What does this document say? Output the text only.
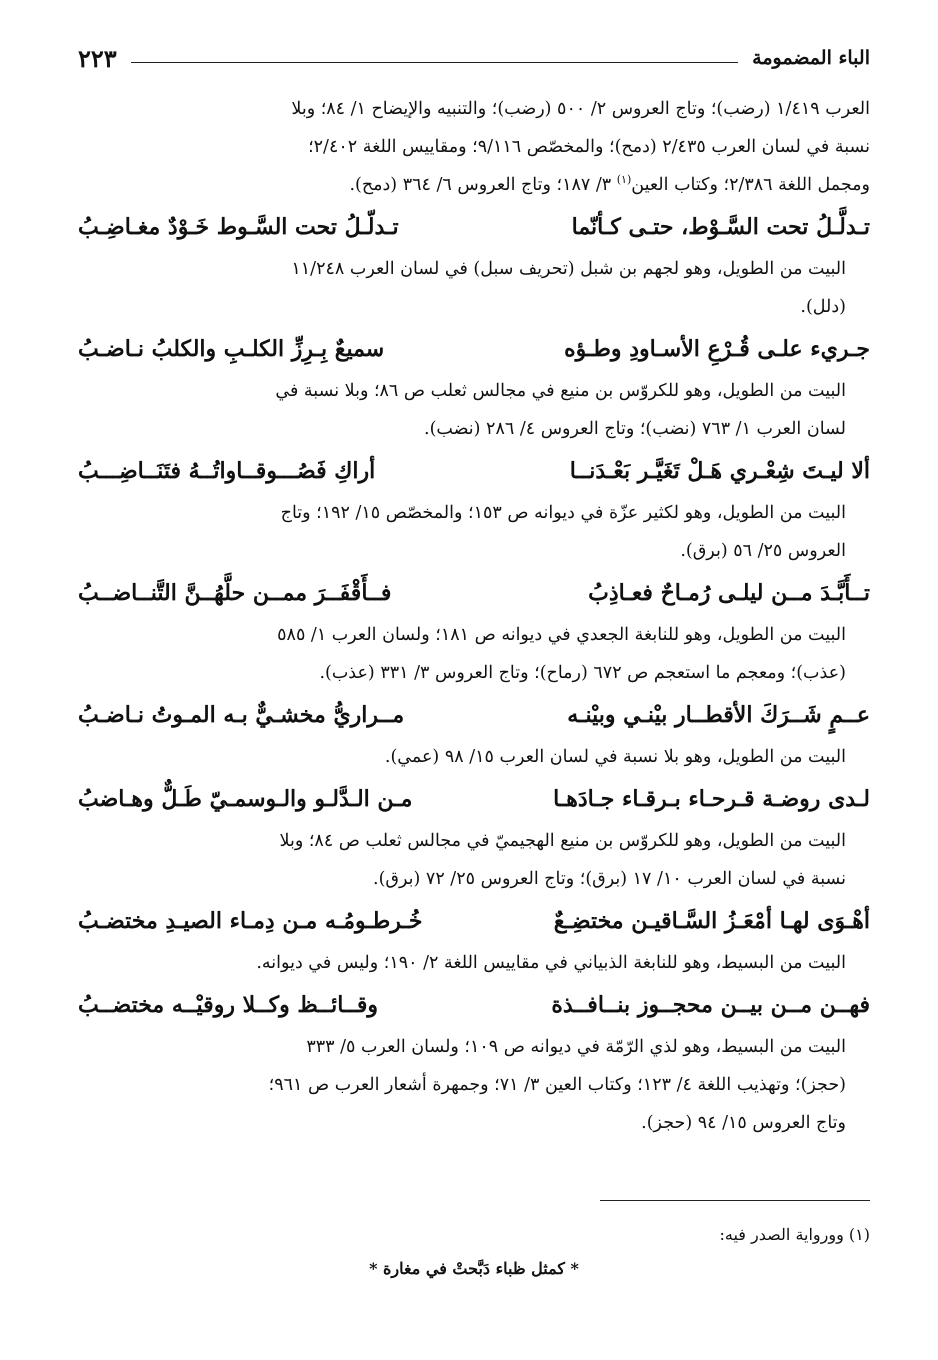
الباء المضمومة
٢٢٣
العرب ١/٤١٩ (رضب)؛ وتاج العروس ٢/ ٥٠٠ (رضب)؛ والتنبيه والإيضاح ١/ ٨٤؛ وبلا
نسبة في لسان العرب ٢/٤٣٥ (دمح)؛ والمخصّص ٩/١١٦؛ ومقاييس اللغة ٢/٤٠٢؛
ومجمل اللغة ٢/٣٨٦؛ وكتاب العين$^{(١)}$ ٣/ ١٨٧؛ وتاج العروس ٦/ ٣٦٤ (دمح).
تـدلَّـلُ تحت السَّـوْط، حتـى كـأنّما
تـدلّـلُ تحت السَّـوط خَـوْدٌ مغـاضِـبُ
البيت من الطويل، وهو لجهم بن شبل (تحريف سبل) في لسان العرب ١١/٢٤٨
(دلل).
جـريء علـى قُـرْعِ الأسـاودِ وطـؤه
سميعٌ بِـرِزِّ الكلـبِ والكلبُ نـاضـبُ
البيت من الطويل، وهو للكروّس بن منيع في مجالس ثعلب ص ٨٦؛ وبلا نسبة في
لسان العرب ١/ ٧٦٣ (نضب)؛ وتاج العروس ٤/ ٢٨٦ (نضب).
ألا ليـتَ شِعْـري هَـلْ تَغَيَّـر بَعْـدَنــا
أراكِ فَصُـــوقــاواتُــهُ فتَنَــاضِـــبُ
البيت من الطويل، وهو لكثير عزّة في ديوانه ص ١٥٣؛ والمخصّص ١٥/ ١٩٢؛ وتاج
العروس ٢٥/ ٥٦ (برق).
تــأَبَّـدَ مــن ليلـى رُمـاحٌ فعـاذِبُ
فــأَقْفَــرَ ممــن حلَّهُــنَّ التَّنــاضــبُ
البيت من الطويل، وهو للنابغة الجعدي في ديوانه ص ١٨١؛ ولسان العرب ١/ ٥٨٥
(عذب)؛ ومعجم ما استعجم ص ٦٧٢ (رماح)؛ وتاج العروس ٣/ ٣٣١ (عذب).
عــمٍ شَــرَكَ الأقطــار بيْنـي وبيْنـه
مــراريُّ مخشـيٌّ بـه المـوتُ نـاضـبُ
البيت من الطويل، وهو بلا نسبة في لسان العرب ١٥/ ٩٨ (عمي).
لـدى روضـة قـرحـاء بـرقـاء جـادَهـا
مـن الـدَّلـو والـوسمـيّ طَـلٌّ وهـاضبُ
البيت من الطويل، وهو للكروّس بن منيع الهجيميّ في مجالس ثعلب ص ٨٤؛ وبلا
نسبة في لسان العرب ١٠/ ١٧ (برق)؛ وتاج العروس ٢٥/ ٧٢ (برق).
أهْـوَى لهـا أمْعَـزُ السَّـاقيـن مختضِـعٌ
خُـرطـومُـه مـن دِمـاء الصيـدِ مختضـبُ
البيت من البسيط، وهو للنابغة الذبياني في مقاييس اللغة ٢/ ١٩٠؛ وليس في ديوانه.
فهــن مــن بيــن محجــوز بنــافــذة
وقــائــظ وكــلا روقيْــه مختضــبُ
البيت من البسيط، وهو لذي الرّمّة في ديوانه ص ١٠٩؛ ولسان العرب ٥/ ٣٣٣
(حجز)؛ وتهذيب اللغة ٤/ ١٢٣؛ وكتاب العين ٣/ ٧١؛ وجمهرة أشعار العرب ص ٩٦١؛
وتاج العروس ١٥/ ٩٤ (حجز).

(١) وورواية الصدر فيه:

* كمثل ظباء دَبَّحتْ في مغارة *
